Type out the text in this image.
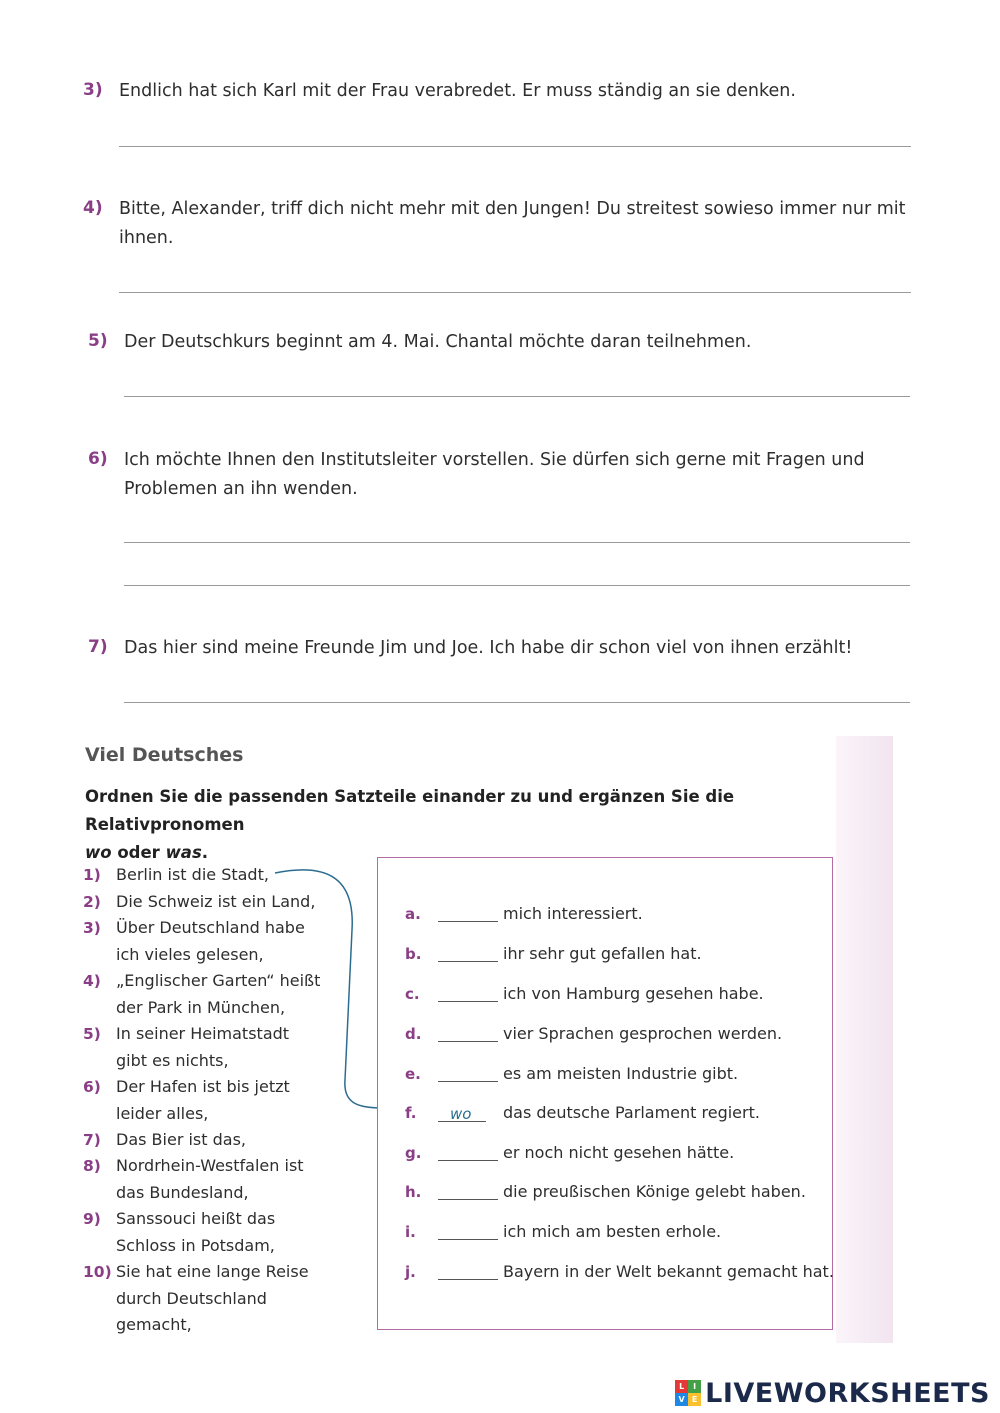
3) Endlich hat sich Karl mit der Frau verabredet. Er muss ständig an sie denken.
4) Bitte, Alexander, triff dich nicht mehr mit den Jungen! Du streitest sowieso immer nur mit
ihnen.
5) Der Deutschkurs beginnt am 4. Mai. Chantal möchte daran teilnehmen.
6) Ich möchte Ihnen den Institutsleiter vorstellen. Sie dürfen sich gerne mit Fragen und
Problemen an ihn wenden.
7) Das hier sind meine Freunde Jim und Joe. Ich habe dir schon viel von ihnen erzählt!
Viel Deutsches
Ordnen Sie die passenden Satzteile einander zu und ergänzen Sie die Relativpronomen
wo oder was.
1) Berlin ist die Stadt,
2) Die Schweiz ist ein Land,
3) Über Deutschland habe ich vieles gelesen,
4) „Englischer Garten“ heißt der Park in München,
5) In seiner Heimatstadt gibt es nichts,
6) Der Hafen ist bis jetzt leider alles,
7) Das Bier ist das,
8) Nordrhein-Westfalen ist das Bundesland,
9) Sanssouci heißt das Schloss in Potsdam,
10) Sie hat eine lange Reise durch Deutschland gemacht,
a.	mich interessiert.
b.	ihr sehr gut gefallen hat.
c.	ich von Hamburg gesehen habe.
d.	vier Sprachen gesprochen werden.
e.	es am meisten Industrie gibt.
f. wo das deutsche Parlament regiert.
g.	er noch nicht gesehen hätte.
h.	die preußischen Könige gelebt haben.
i.	ich mich am besten erhole.
j.	Bayern in der Welt bekannt gemacht hat.
L	I
V E LIVEWORKSHEETS
